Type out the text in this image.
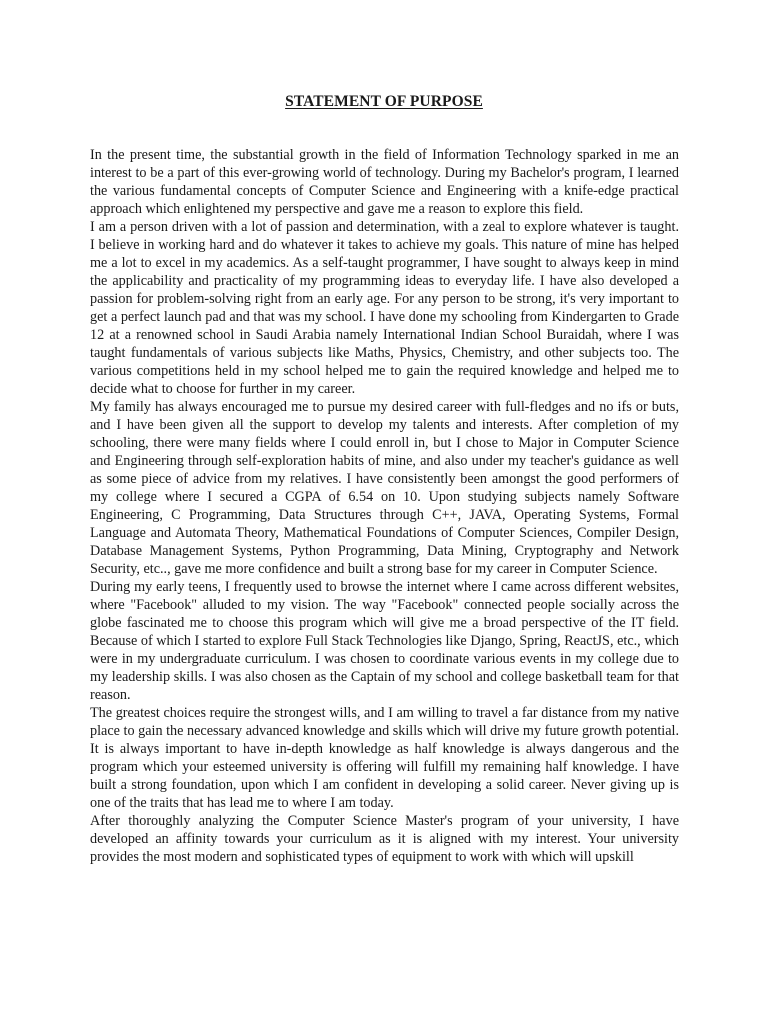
STATEMENT OF PURPOSE

In the present time, the substantial growth in the field of Information Technology sparked in me an interest to be a part of this ever-growing world of technology. During my Bachelor's program, I learned the various fundamental concepts of Computer Science and Engineering with a knife-edge practical approach which enlightened my perspective and gave me a reason to explore this field.

I am a person driven with a lot of passion and determination, with a zeal to explore whatever is taught. I believe in working hard and do whatever it takes to achieve my goals. This nature of mine has helped me a lot to excel in my academics. As a self-taught programmer, I have sought to always keep in mind the applicability and practicality of my programming ideas to everyday life. I have also developed a passion for problem-solving right from an early age. For any person to be strong, it's very important to get a perfect launch pad and that was my school. I have done my schooling from Kindergarten to Grade 12 at a renowned school in Saudi Arabia namely International Indian School Buraidah, where I was taught fundamentals of various subjects like Maths, Physics, Chemistry, and other subjects too. The various competitions held in my school helped me to gain the required knowledge and helped me to decide what to choose for further in my career.

My family has always encouraged me to pursue my desired career with full-fledges and no ifs or buts, and I have been given all the support to develop my talents and interests. After completion of my schooling, there were many fields where I could enroll in, but I chose to Major in Computer Science and Engineering through self-exploration habits of mine, and also under my teacher's guidance as well as some piece of advice from my relatives. I have consistently been amongst the good performers of my college where I secured a CGPA of 6.54 on 10. Upon studying subjects namely Software Engineering, C Programming, Data Structures through C++, JAVA, Operating Systems, Formal Language and Automata Theory, Mathematical Foundations of Computer Sciences, Compiler Design, Database Management Systems, Python Programming, Data Mining, Cryptography and Network Security, etc.., gave me more confidence and built a strong base for my career in Computer Science.

During my early teens, I frequently used to browse the internet where I came across different websites, where "Facebook" alluded to my vision. The way "Facebook" connected people socially across the globe fascinated me to choose this program which will give me a broad perspective of the IT field. Because of which I started to explore Full Stack Technologies like Django, Spring, ReactJS, etc., which were in my undergraduate curriculum. I was chosen to coordinate various events in my college due to my leadership skills. I was also chosen as the Captain of my school and college basketball team for that reason.

The greatest choices require the strongest wills, and I am willing to travel a far distance from my native place to gain the necessary advanced knowledge and skills which will drive my future growth potential. It is always important to have in-depth knowledge as half knowledge is always dangerous and the program which your esteemed university is offering will fulfill my remaining half knowledge. I have built a strong foundation, upon which I am confident in developing a solid career. Never giving up is one of the traits that has lead me to where I am today.

After thoroughly analyzing the Computer Science Master's program of your university, I have developed an affinity towards your curriculum as it is aligned with my interest. Your university provides the most modern and sophisticated types of equipment to work with which will upskill
